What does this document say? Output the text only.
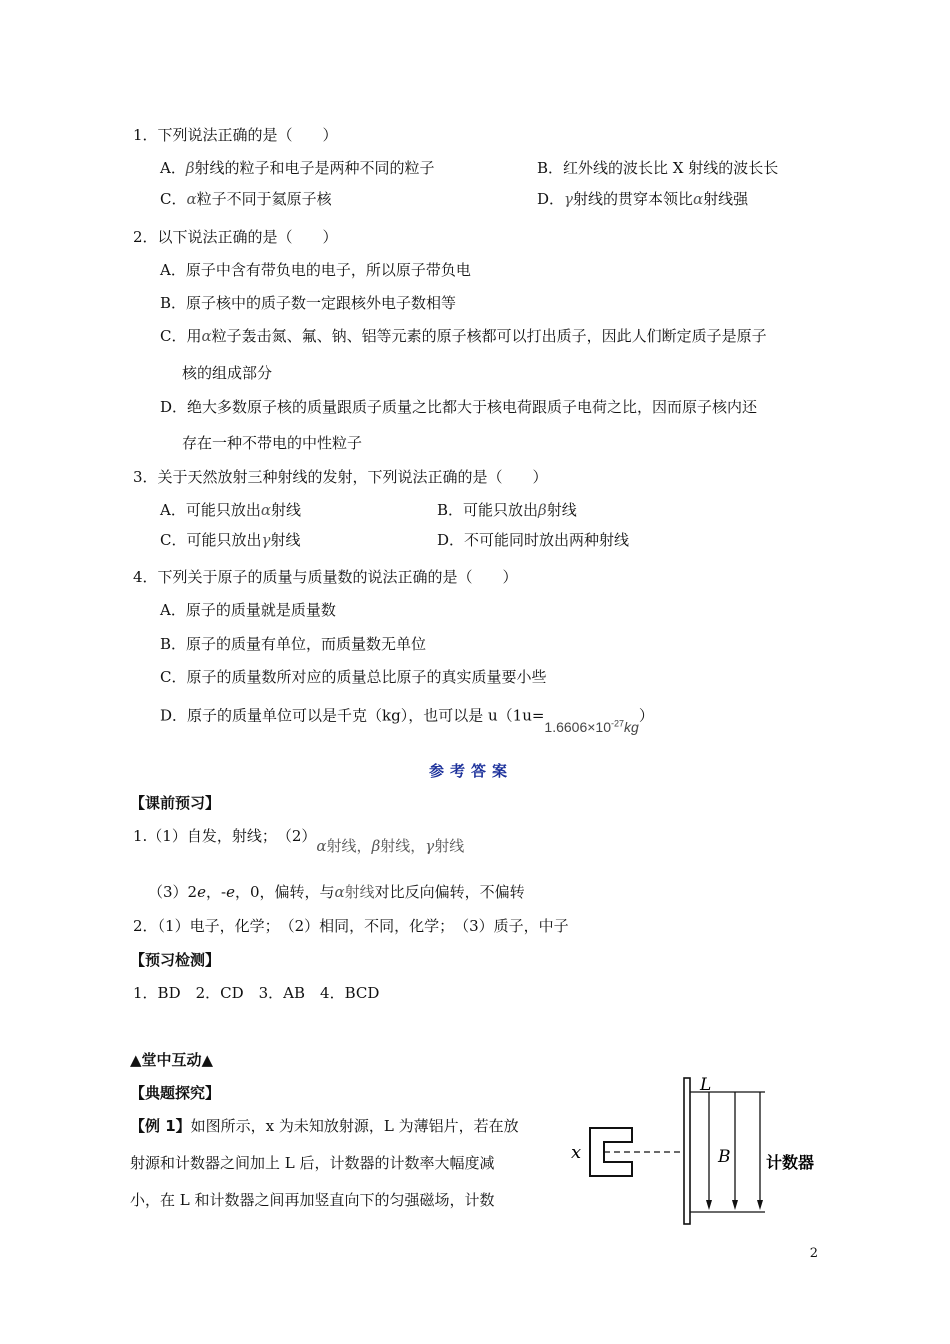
1．下列说法正确的是（　　）
A．β射线的粒子和电子是两种不同的粒子	B．红外线的波长比 X 射线的波长长
C．α粒子不同于氦原子核	D．γ射线的贯穿本领比α射线强
2．以下说法正确的是（　　）
A．原子中含有带负电的电子，所以原子带负电
B．原子核中的质子数一定跟核外电子数相等
C．用α粒子轰击氮、氟、钠、铝等元素的原子核都可以打出质子，因此人们断定质子是原子
核的组成部分
D．绝大多数原子核的质量跟质子质量之比都大于核电荷跟质子电荷之比，因而原子核内还
存在一种不带电的中性粒子
3．关于天然放射三种射线的发射，下列说法正确的是（　　）
A．可能只放出α射线	B．可能只放出β射线
C．可能只放出γ射线	D．不可能同时放出两种射线
4．下列关于原子的质量与质量数的说法正确的是（　　）
A．原子的质量就是质量数
B．原子的质量有单位，而质量数无单位
C．原子的质量数所对应的质量总比原子的真实质量要小些
D．原子的质量单位可以是千克（kg），也可以是 $u(1u=1.6606\times 10^{-27}kg)$
参考答案
【课前预习】
1.（1）自发，射线；　（2）α射线，β射线，γ射线
（3）2e，-e，0，偏转，与α射线对比反向偏转，不偏转
2．（1）电子，化学；　（2）相同，不同，化学；　（3）质子，中子
【预习检测】
1．BD　2．CD　3．AB　4．BCD
▲堂中互动▲
【典题探究】
【例 1】如图所示，x 为未知放射源，L 为薄铝片，若在放
射源和计数器之间加上 L 后，计数器的计数率大幅度减
小，在 L 和计数器之间再加竖直向下的匀强磁场，计数
x
L
B 计数器
2
